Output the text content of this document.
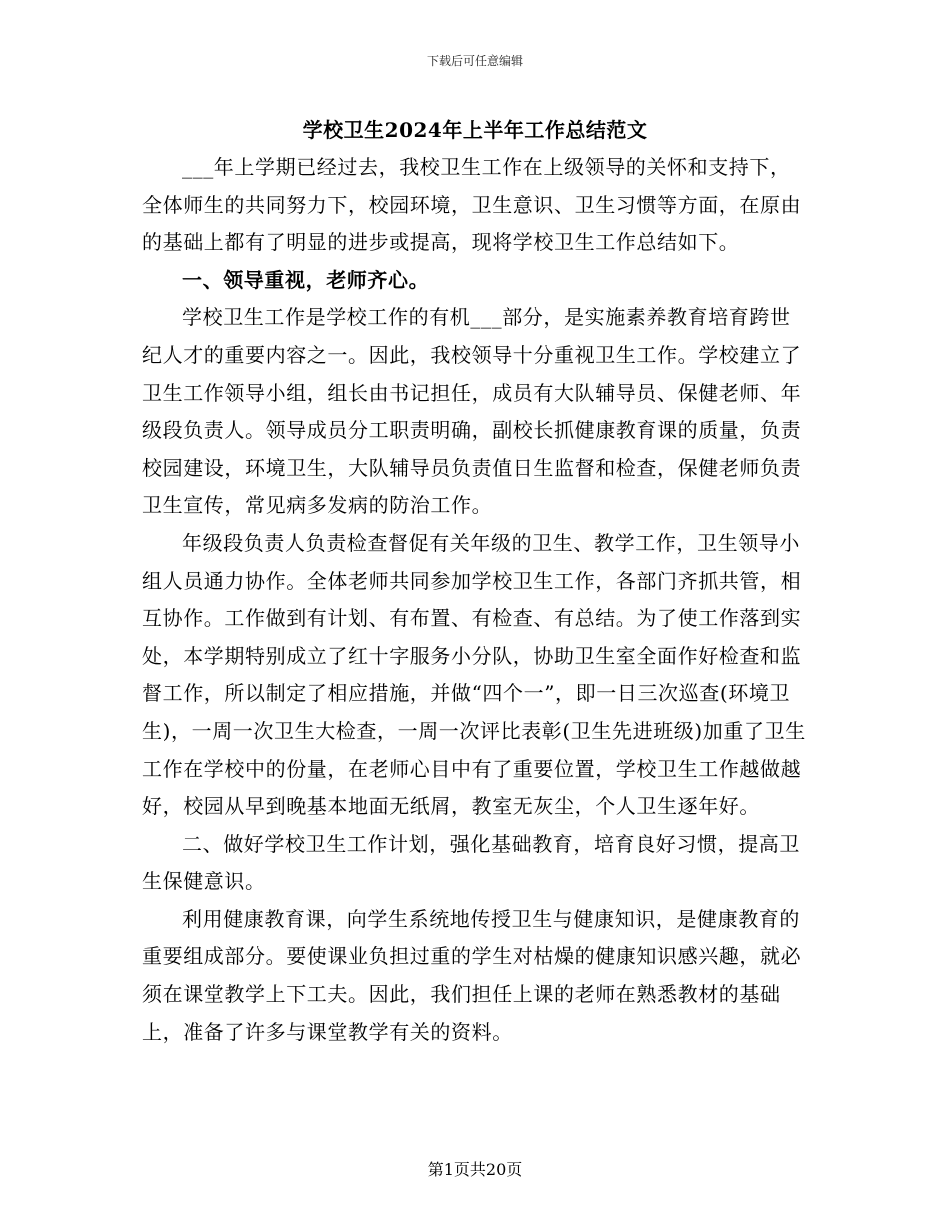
下载后可任意编辑
学校卫生2024年上半年工作总结范文

___年上学期已经过去，我校卫生工作在上级领导的关怀和支持下，全体师生的共同努力下，校园环境，卫生意识、卫生习惯等方面，在原由的基础上都有了明显的进步或提高，现将学校卫生工作总结如下。

一、领导重视，老师齐心。

学校卫生工作是学校工作的有机___部分，是实施素养教育培育跨世纪人才的重要内容之一。因此，我校领导十分重视卫生工作。学校建立了卫生工作领导小组，组长由书记担任，成员有大队辅导员、保健老师、年级段负责人。领导成员分工职责明确，副校长抓健康教育课的质量，负责校园建设，环境卫生，大队辅导员负责值日生监督和检查，保健老师负责卫生宣传，常见病多发病的防治工作。

年级段负责人负责检查督促有关年级的卫生、教学工作，卫生领导小组人员通力协作。全体老师共同参加学校卫生工作，各部门齐抓共管，相互协作。工作做到有计划、有布置、有检查、有总结。为了使工作落到实处，本学期特别成立了红十字服务小分队，协助卫生室全面作好检查和监督工作，所以制定了相应措施，并做“四个一”，即一日三次巡查(环境卫生)，一周一次卫生大检查，一周一次评比表彰(卫生先进班级)加重了卫生工作在学校中的份量，在老师心目中有了重要位置，学校卫生工作越做越好，校园从早到晚基本地面无纸屑，教室无灰尘，个人卫生逐年好。

二、做好学校卫生工作计划，强化基础教育，培育良好习惯，提高卫生保健意识。

利用健康教育课，向学生系统地传授卫生与健康知识，是健康教育的重要组成部分。要使课业负担过重的学生对枯燥的健康知识感兴趣，就必须在课堂教学上下工夫。因此，我们担任上课的老师在熟悉教材的基础上，准备了许多与课堂教学有关的资料。

第1页共20页
